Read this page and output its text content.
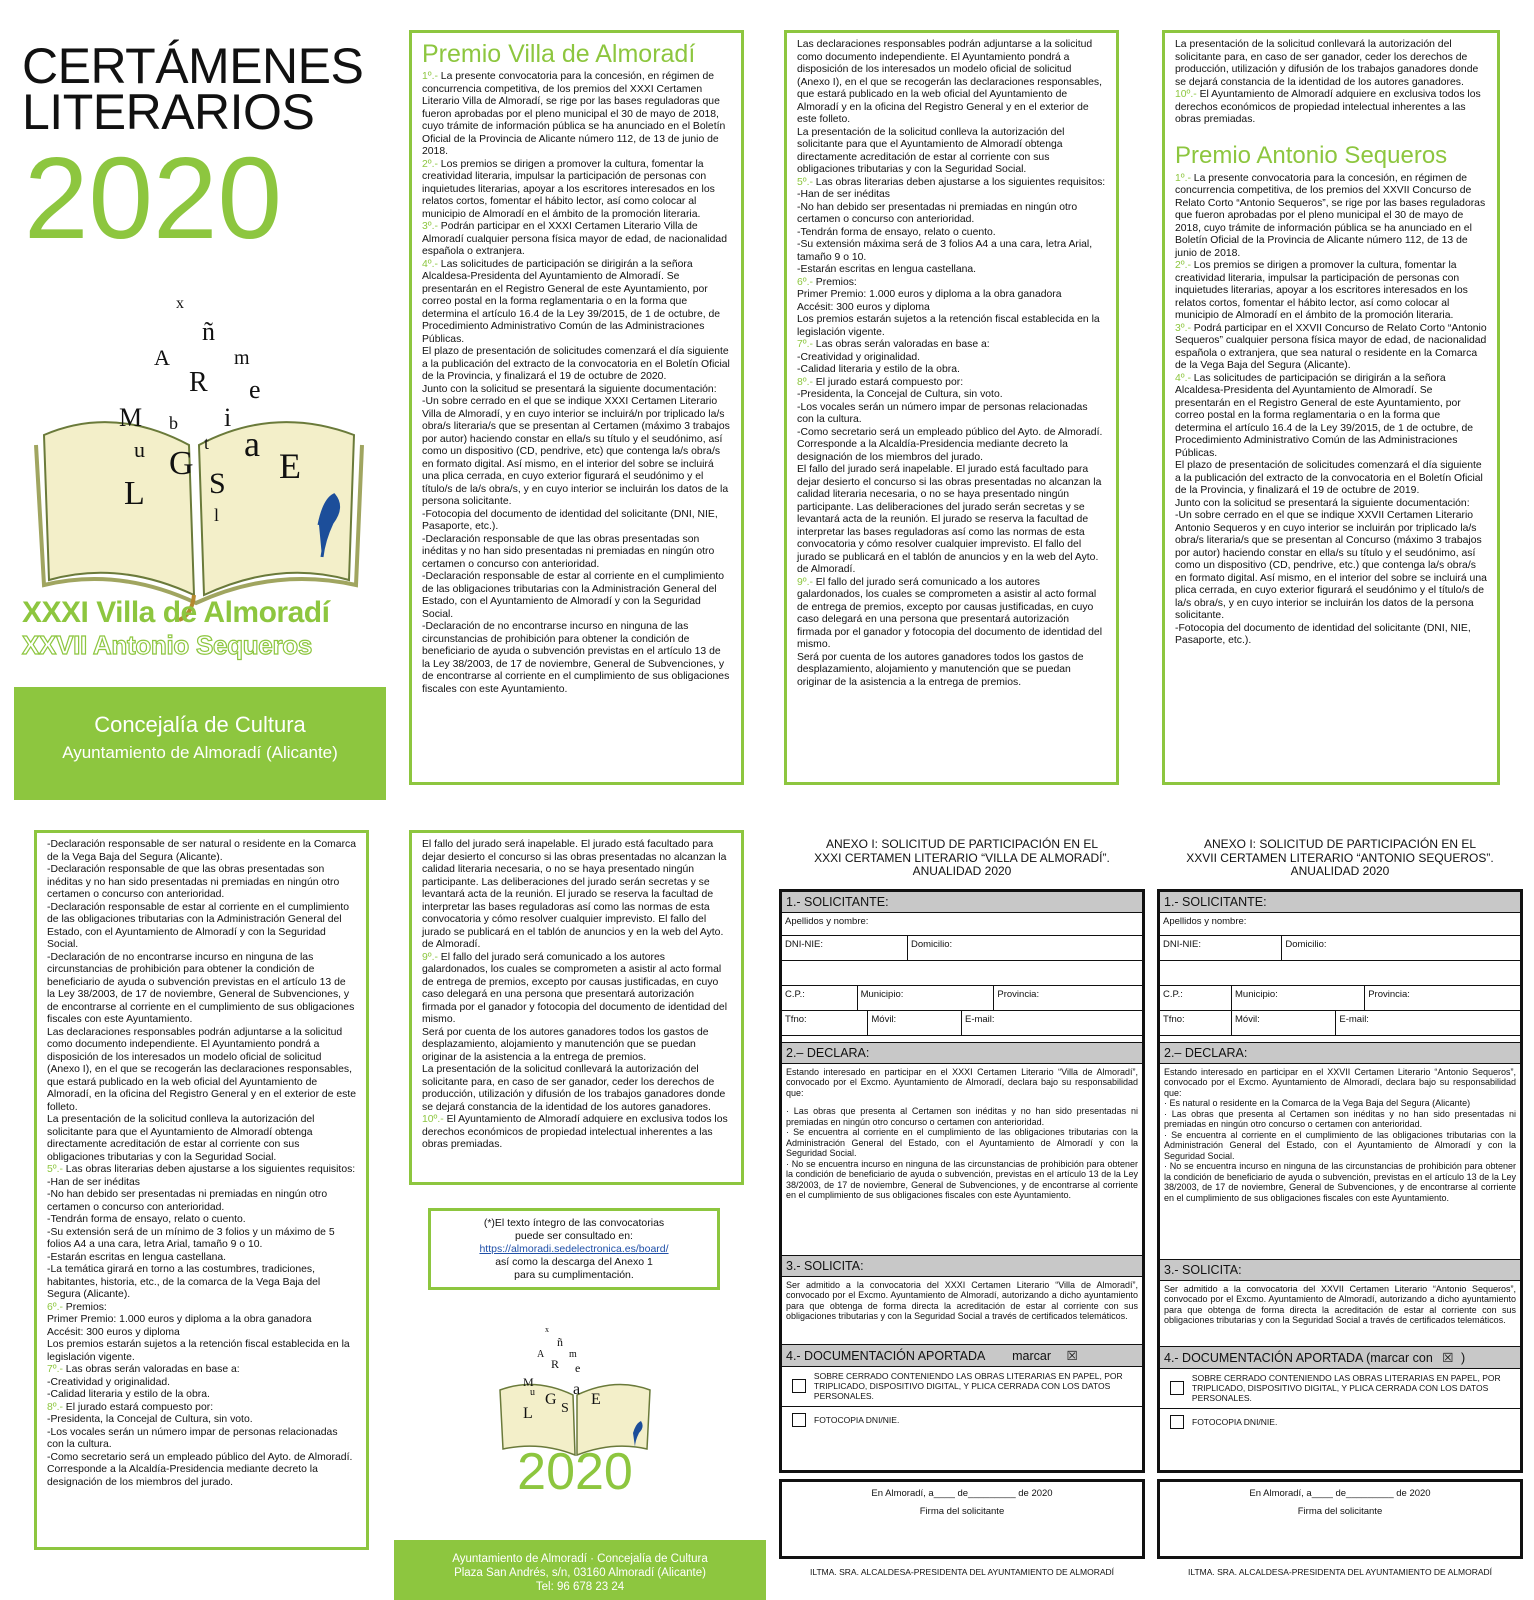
CERTÁMENES
LITERARIOS
2020
x
ñ
A	m
R e
M b i
a
u	t
G E
L S
l
XXXI Villa de Almoradí
XXVII Antonio Sequeros
Concejalía de Cultura
Ayuntamiento de Almoradí (Alicante)
Premio Villa de Almoradí

1º.- La presente convocatoria para la concesión, en régimen de concurrencia competitiva, de los premios del XXXI Certamen Literario Villa de Almoradí, se rige por las bases reguladoras que fueron aprobadas por el pleno municipal el 30 de mayo de 2018, cuyo trámite de información pública se ha anunciado en el Boletín Oficial de la Provincia de Alicante número 112, de 13 de junio de 2018.

2º.- Los premios se dirigen a promover la cultura, fomentar la creatividad literaria, impulsar la participación de personas con inquietudes literarias, apoyar a los escritores interesados en los relatos cortos, fomentar el hábito lector, así como colocar al municipio de Almoradí en el ámbito de la promoción literaria.

3º.- Podrán participar en el XXXI Certamen Literario Villa de Almoradí cualquier persona física mayor de edad, de nacionalidad española o extranjera.

4º.- Las solicitudes de participación se dirigirán a la señora Alcaldesa-Presidenta del Ayuntamiento de Almoradí. Se presentarán en el Registro General de este Ayuntamiento, por correo postal en la forma reglamentaria o en la forma que determina el artículo 16.4 de la Ley 39/2015, de 1 de octubre, de Procedimiento Administrativo Común de las Administraciones Públicas.

El plazo de presentación de solicitudes comenzará el día siguiente a la publicación del extracto de la convocatoria en el Boletín Oficial de la Provincia, y finalizará el 19 de octubre de 2020.

Junto con la solicitud se presentará la siguiente documentación:

-Un sobre cerrado en el que se indique XXXI Certamen Literario Villa de Almoradí, y en cuyo interior se incluirá/n por triplicado la/s obra/s literaria/s que se presentan al Certamen (máximo 3 trabajos por autor) haciendo constar en ella/s su título y el seudónimo, así como un dispositivo (CD, pendrive, etc) que contenga la/s obra/s en formato digital. Así mismo, en el interior del sobre se incluirá una plica cerrada, en cuyo exterior figurará el seudónimo y el título/s de la/s obra/s, y en cuyo interior se incluirán los datos de la persona solicitante.

-Fotocopia del documento de identidad del solicitante (DNI, NIE, Pasaporte, etc.).

-Declaración responsable de que las obras presentadas son inéditas y no han sido presentadas ni premiadas en ningún otro certamen o concurso con anterioridad.

-Declaración responsable de estar al corriente en el cumplimiento de las obligaciones tributarias con la Administración General del Estado, con el Ayuntamiento de Almoradí y con la Seguridad Social.

-Declaración de no encontrarse incurso en ninguna de las circunstancias de prohibición para obtener la condición de beneficiario de ayuda o subvención previstas en el artículo 13 de la Ley 38/2003, de 17 de noviembre, General de Subvenciones, y de encontrarse al corriente en el cumplimiento de sus obligaciones fiscales con este Ayuntamiento.

Las declaraciones responsables podrán adjuntarse a la solicitud como documento independiente. El Ayuntamiento pondrá a disposición de los interesados un modelo oficial de solicitud (Anexo I), en el que se recogerán las declaraciones responsables, que estará publicado en la web oficial del Ayuntamiento de Almoradí y en la oficina del Registro General y en el exterior de este folleto.

La presentación de la solicitud conlleva la autorización del solicitante para que el Ayuntamiento de Almoradí obtenga directamente acreditación de estar al corriente con sus obligaciones tributarias y con la Seguridad Social.

5º.- Las obras literarias deben ajustarse a los siguientes requisitos:

-Han de ser inéditas

-No han debido ser presentadas ni premiadas en ningún otro certamen o concurso con anterioridad.

-Tendrán forma de ensayo, relato o cuento.

-Su extensión máxima será de 3 folios A4 a una cara, letra Arial, tamaño 9 o 10.

-Estarán escritas en lengua castellana.

6º.- Premios:

Primer Premio: 1.000 euros y diploma a la obra ganadora

Accésit: 300 euros y diploma

Los premios estarán sujetos a la retención fiscal establecida en la legislación vigente.

7º.- Las obras serán valoradas en base a:

-Creatividad y originalidad.

-Calidad literaria y estilo de la obra.

8º.- El jurado estará compuesto por:

-Presidenta, la Concejal de Cultura, sin voto.

-Los vocales serán un número impar de personas relacionadas con la cultura.

-Como secretario será un empleado público del Ayto. de Almoradí.

Corresponde a la Alcaldía-Presidencia mediante decreto la designación de los miembros del jurado.

El fallo del jurado será inapelable. El jurado está facultado para dejar desierto el concurso si las obras presentadas no alcanzan la calidad literaria necesaria, o no se haya presentado ningún participante. Las deliberaciones del jurado serán secretas y se levantará acta de la reunión. El jurado se reserva la facultad de interpretar las bases reguladoras así como las normas de esta convocatoria y cómo resolver cualquier imprevisto. El fallo del jurado se publicará en el tablón de anuncios y en la web del Ayto. de Almoradí.

9º.- El fallo del jurado será comunicado a los autores galardonados, los cuales se comprometen a asistir al acto formal de entrega de premios, excepto por causas justificadas, en cuyo caso delegará en una persona que presentará autorización firmada por el ganador y fotocopia del documento de identidad del mismo.

Será por cuenta de los autores ganadores todos los gastos de desplazamiento, alojamiento y manutención que se puedan originar de la asistencia a la entrega de premios.

La presentación de la solicitud conllevará la autorización del solicitante para, en caso de ser ganador, ceder los derechos de producción, utilización y difusión de los trabajos ganadores donde se dejará constancia de la identidad de los autores ganadores.

10º.- El Ayuntamiento de Almoradí adquiere en exclusiva todos los derechos económicos de propiedad intelectual inherentes a las obras premiadas.

Premio Antonio Sequeros

1º.- La presente convocatoria para la concesión, en régimen de concurrencia competitiva, de los premios del XXVII Concurso de Relato Corto “Antonio Sequeros”, se rige por las bases reguladoras que fueron aprobadas por el pleno municipal el 30 de mayo de 2018, cuyo trámite de información pública se ha anunciado en el Boletín Oficial de la Provincia de Alicante número 112, de 13 de junio de 2018.

2º.- Los premios se dirigen a promover la cultura, fomentar la creatividad literaria, impulsar la participación de personas con inquietudes literarias, apoyar a los escritores interesados en los relatos cortos, fomentar el hábito lector, así como colocar al municipio de Almoradí en el ámbito de la promoción literaria.

3º.- Podrá participar en el XXVII Concurso de Relato Corto “Antonio Sequeros” cualquier persona física mayor de edad, de nacionalidad española o extranjera, que sea natural o residente en la Comarca de la Vega Baja del Segura (Alicante).

4º.- Las solicitudes de participación se dirigirán a la señora Alcaldesa-Presidenta del Ayuntamiento de Almoradí. Se presentarán en el Registro General de este Ayuntamiento, por correo postal en la forma reglamentaria o en la forma que determina el artículo 16.4 de la Ley 39/2015, de 1 de octubre, de Procedimiento Administrativo Común de las Administraciones Públicas.

El plazo de presentación de solicitudes comenzará el día siguiente a la publicación del extracto de la convocatoria en el Boletín Oficial de la Provincia, y finalizará el 19 de octubre de 2019.

Junto con la solicitud se presentará la siguiente documentación:

-Un sobre cerrado en el que se indique XXVII Certamen Literario Antonio Sequeros y en cuyo interior se incluirán por triplicado la/s obra/s literaria/s que se presentan al Concurso (máximo 3 trabajos por autor) haciendo constar en ella/s su título y el seudónimo, así como un dispositivo (CD, pendrive, etc.) que contenga la/s obra/s en formato digital. Así mismo, en el interior del sobre se incluirá una plica cerrada, en cuyo exterior figurará el seudónimo y el título/s de la/s obra/s, y en cuyo interior se incluirán los datos de la persona solicitante.

-Fotocopia del documento de identidad del solicitante (DNI, NIE, Pasaporte, etc.).

-Declaración responsable de ser natural o residente en la Comarca de la Vega Baja del Segura (Alicante).

-Declaración responsable de que las obras presentadas son inéditas y no han sido presentadas ni premiadas en ningún otro certamen o concurso con anterioridad.

-Declaración responsable de estar al corriente en el cumplimiento de las obligaciones tributarias con la Administración General del Estado, con el Ayuntamiento de Almoradí y con la Seguridad Social.

-Declaración de no encontrarse incurso en ninguna de las circunstancias de prohibición para obtener la condición de beneficiario de ayuda o subvención previstas en el artículo 13 de la Ley 38/2003, de 17 de noviembre, General de Subvenciones, y de encontrarse al corriente en el cumplimiento de sus obligaciones fiscales con este Ayuntamiento.

Las declaraciones responsables podrán adjuntarse a la solicitud como documento independiente. El Ayuntamiento pondrá a disposición de los interesados un modelo oficial de solicitud (Anexo I), en el que se recogerán las declaraciones responsables, que estará publicado en la web oficial del Ayuntamiento de Almoradí, en la oficina del Registro General y en el exterior de este folleto.

La presentación de la solicitud conlleva la autorización del solicitante para que el Ayuntamiento de Almoradí obtenga directamente acreditación de estar al corriente con sus obligaciones tributarias y con la Seguridad Social.

5º.- Las obras literarias deben ajustarse a los siguientes requisitos:

-Han de ser inéditas

-No han debido ser presentadas ni premiadas en ningún otro certamen o concurso con anterioridad.

-Tendrán forma de ensayo, relato o cuento.

-Su extensión será de un mínimo de 3 folios y un máximo de 5 folios A4 a una cara, letra Arial, tamaño 9 o 10.

-Estarán escritas en lengua castellana.

-La temática girará en torno a las costumbres, tradiciones, habitantes, historia, etc., de la comarca de la Vega Baja del Segura (Alicante).

6º.- Premios:

Primer Premio: 1.000 euros y diploma a la obra ganadora

Accésit: 300 euros y diploma

Los premios estarán sujetos a la retención fiscal establecida en la legislación vigente.

7º.- Las obras serán valoradas en base a:

-Creatividad y originalidad.

-Calidad literaria y estilo de la obra.

8º.- El jurado estará compuesto por:

-Presidenta, la Concejal de Cultura, sin voto.

-Los vocales serán un número impar de personas relacionadas con la cultura.

-Como secretario será un empleado público del Ayto. de Almoradí.

Corresponde a la Alcaldía-Presidencia mediante decreto la designación de los miembros del jurado.

El fallo del jurado será inapelable. El jurado está facultado para dejar desierto el concurso si las obras presentadas no alcanzan la calidad literaria necesaria, o no se haya presentado ningún participante. Las deliberaciones del jurado serán secretas y se levantará acta de la reunión. El jurado se reserva la facultad de interpretar las bases reguladoras así como las normas de esta convocatoria y cómo resolver cualquier imprevisto. El fallo del jurado se publicará en el tablón de anuncios y en la web del Ayto. de Almoradí.

9º.- El fallo del jurado será comunicado a los autores galardonados, los cuales se comprometen a asistir al acto formal de entrega de premios, excepto por causas justificadas, en cuyo caso delegará en una persona que presentará autorización firmada por el ganador y fotocopia del documento de identidad del mismo.

Será por cuenta de los autores ganadores todos los gastos de desplazamiento, alojamiento y manutención que se puedan originar de la asistencia a la entrega de premios.

La presentación de la solicitud conllevará la autorización del solicitante para, en caso de ser ganador, ceder los derechos de producción, utilización y difusión de los trabajos ganadores donde se dejará constancia de la identidad de los autores ganadores.

10º.- El Ayuntamiento de Almoradí adquiere en exclusiva todos los derechos económicos de propiedad intelectual inherentes a las obras premiadas.

(*)El texto íntegro de las convocatorias
puede ser consultado en:
https://almoradi.sedelectronica.es/board/
así como la descarga del Anexo 1
para su cumplimentación.
x
ñ
A m
R e
M a
u G E
L S
2020
Ayuntamiento de Almoradí · Concejalía de Cultura
Plaza San Andrés, s/n, 03160 Almoradí (Alicante)
Tel: 96 678 23 24
ANEXO I: SOLICITUD DE PARTICIPACIÓN EN EL
XXXI CERTAMEN LITERARIO “VILLA DE ALMORADÍ”.
ANUALIDAD 2020
1.- SOLICITANTE:
Apellidos y nombre:
DNI-NIE:	Domicilio:
C.P.:	Municipio:	Provincia:
Tfno:	Móvil:	E-mail:
2.– DECLARA:
Estando interesado en participar en el XXXI Certamen Literario “Villa de Almoradí”, convocado por el Excmo. Ayuntamiento de Almoradí, declara bajo su responsabilidad que:
· Las obras que presenta al Certamen son inéditas y no han sido presentadas ni premiadas en ningún otro concurso o certamen con anterioridad.
· Se encuentra al corriente en el cumplimiento de las obligaciones tributarias con la Administración General del Estado, con el Ayuntamiento de Almoradí y con la Seguridad Social.
· No se encuentra incurso en ninguna de las circunstancias de prohibición para obtener la condición de beneficiario de ayuda o subvención, previstas en el artículo 13 de la Ley 38/2003, de 17 de noviembre, General de Subvenciones, y de encontrarse al corriente en el cumplimiento de sus obligaciones fiscales con este Ayuntamiento.
3.- SOLICITA:
Ser admitido a la convocatoria del XXXI Certamen Literario “Villa de Almoradí”, convocado por el Excmo. Ayuntamiento de Almoradí, autorizando a dicho ayuntamiento para que obtenga de forma directa la acreditación de estar al corriente con sus obligaciones tributarias y con la Seguridad Social a través de certificados telemáticos.
4.- DOCUMENTACIÓN APORTADA marcar ☒
SOBRE CERRADO CONTENIENDO LAS OBRAS LITERARIAS EN PAPEL, POR TRIPLICADO, DISPOSITIVO DIGITAL, Y PLICA CERRADA CON LOS DATOS PERSONALES.
FOTOCOPIA DNI/NIE.
En Almoradí, a____ de_________ de 2020
Firma del solicitante
ILTMA. SRA. ALCALDESA-PRESIDENTA DEL AYUNTAMIENTO DE ALMORADÍ
ANEXO I: SOLICITUD DE PARTICIPACIÓN EN EL
XXVII CERTAMEN LITERARIO “ANTONIO SEQUEROS”.
ANUALIDAD 2020
1.- SOLICITANTE:
Apellidos y nombre:
DNI-NIE:	Domicilio:
C.P.:	Municipio:	Provincia:
Tfno:	Móvil:	E-mail:
2.– DECLARA:
Estando interesado en participar en el XXVII Certamen Literario “Antonio Sequeros”, convocado por el Excmo. Ayuntamiento de Almoradí, declara bajo su responsabilidad que:
· Es natural o residente en la Comarca de la Vega Baja del Segura (Alicante)
· Las obras que presenta al Certamen son inéditas y no han sido presentadas ni premiadas en ningún otro concurso o certamen con anterioridad.
· Se encuentra al corriente en el cumplimiento de las obligaciones tributarias con la Administración General del Estado, con el Ayuntamiento de Almoradí y con la Seguridad Social.
· No se encuentra incurso en ninguna de las circunstancias de prohibición para obtener la condición de beneficiario de ayuda o subvención, previstas en el artículo 13 de la Ley 38/2003, de 17 de noviembre, General de Subvenciones, y de encontrarse al corriente en el cumplimiento de sus obligaciones fiscales con este Ayuntamiento.
3.- SOLICITA:
Ser admitido a la convocatoria del XXVII Certamen Literario “Antonio Sequeros”, convocado por el Excmo. Ayuntamiento de Almoradí, autorizando a dicho ayuntamiento para que obtenga de forma directa la acreditación de estar al corriente con sus obligaciones tributarias y con la Seguridad Social a través de certificados telemáticos.
4.- DOCUMENTACIÓN APORTADA (marcar con ☒ )
SOBRE CERRADO CONTENIENDO LAS OBRAS LITERARIAS EN PAPEL, POR TRIPLICADO, DISPOSITIVO DIGITAL, Y PLICA CERRADA CON LOS DATOS PERSONALES.
FOTOCOPIA DNI/NIE.
En Almoradí, a____ de_________ de 2020
Firma del solicitante
ILTMA. SRA. ALCALDESA-PRESIDENTA DEL AYUNTAMIENTO DE ALMORADÍ
